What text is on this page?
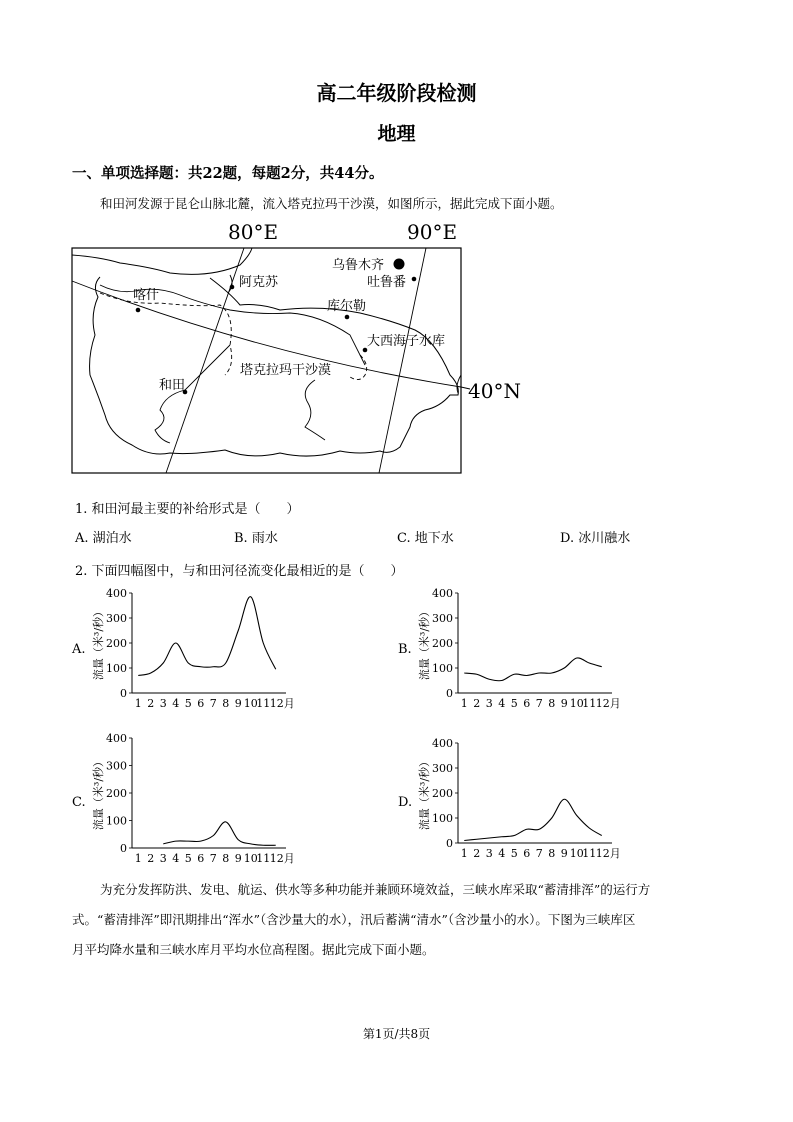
高二年级阶段检测
地理
一、单项选择题：共22题，每题2分，共44分。
和田河发源于昆仑山脉北麓，流入塔克拉玛干沙漠，如图所示，据此完成下面小题。
80°E	90°E
40°N
乌鲁木齐
吐鲁番
阿克苏
喀什
库尔勒
大西海子水库
塔克拉玛干沙漠
和田
1. 和田河最主要的补给形式是（　　）
A. 湖泊水	B. 雨水	C. 地下水	D. 冰川融水
2. 下面四幅图中，与和田河径流变化最相近的是（　　）
A.
0
100
200
300
400
1 2 3 4 5 6 7 8 9 10
11 12月
流量（米³/秒）	B.
0
100
200
300
400
1 2 3 4 5 6 7 8 9 10
11 12月
流量（米³/秒）
C.
0
100
200
300
400
1 2 3 4 5 6 7 8 9 10
11 12月
流量（米³/秒）	D.
0
100
200
300
400
1 2 3 4 5 6 7 8 9 10
11 12月
流量（米³/秒）
为充分发挥防洪、发电、航运、供水等多种功能并兼顾环境效益，三峡水库采取“蓄清排浑”的运行方
式。“蓄清排浑”即汛期排出“浑水”（含沙量大的水），汛后蓄满“清水”（含沙量小的水）。下图为三峡库区
月平均降水量和三峡水库月平均水位高程图。据此完成下面小题。
第1页/共8页
